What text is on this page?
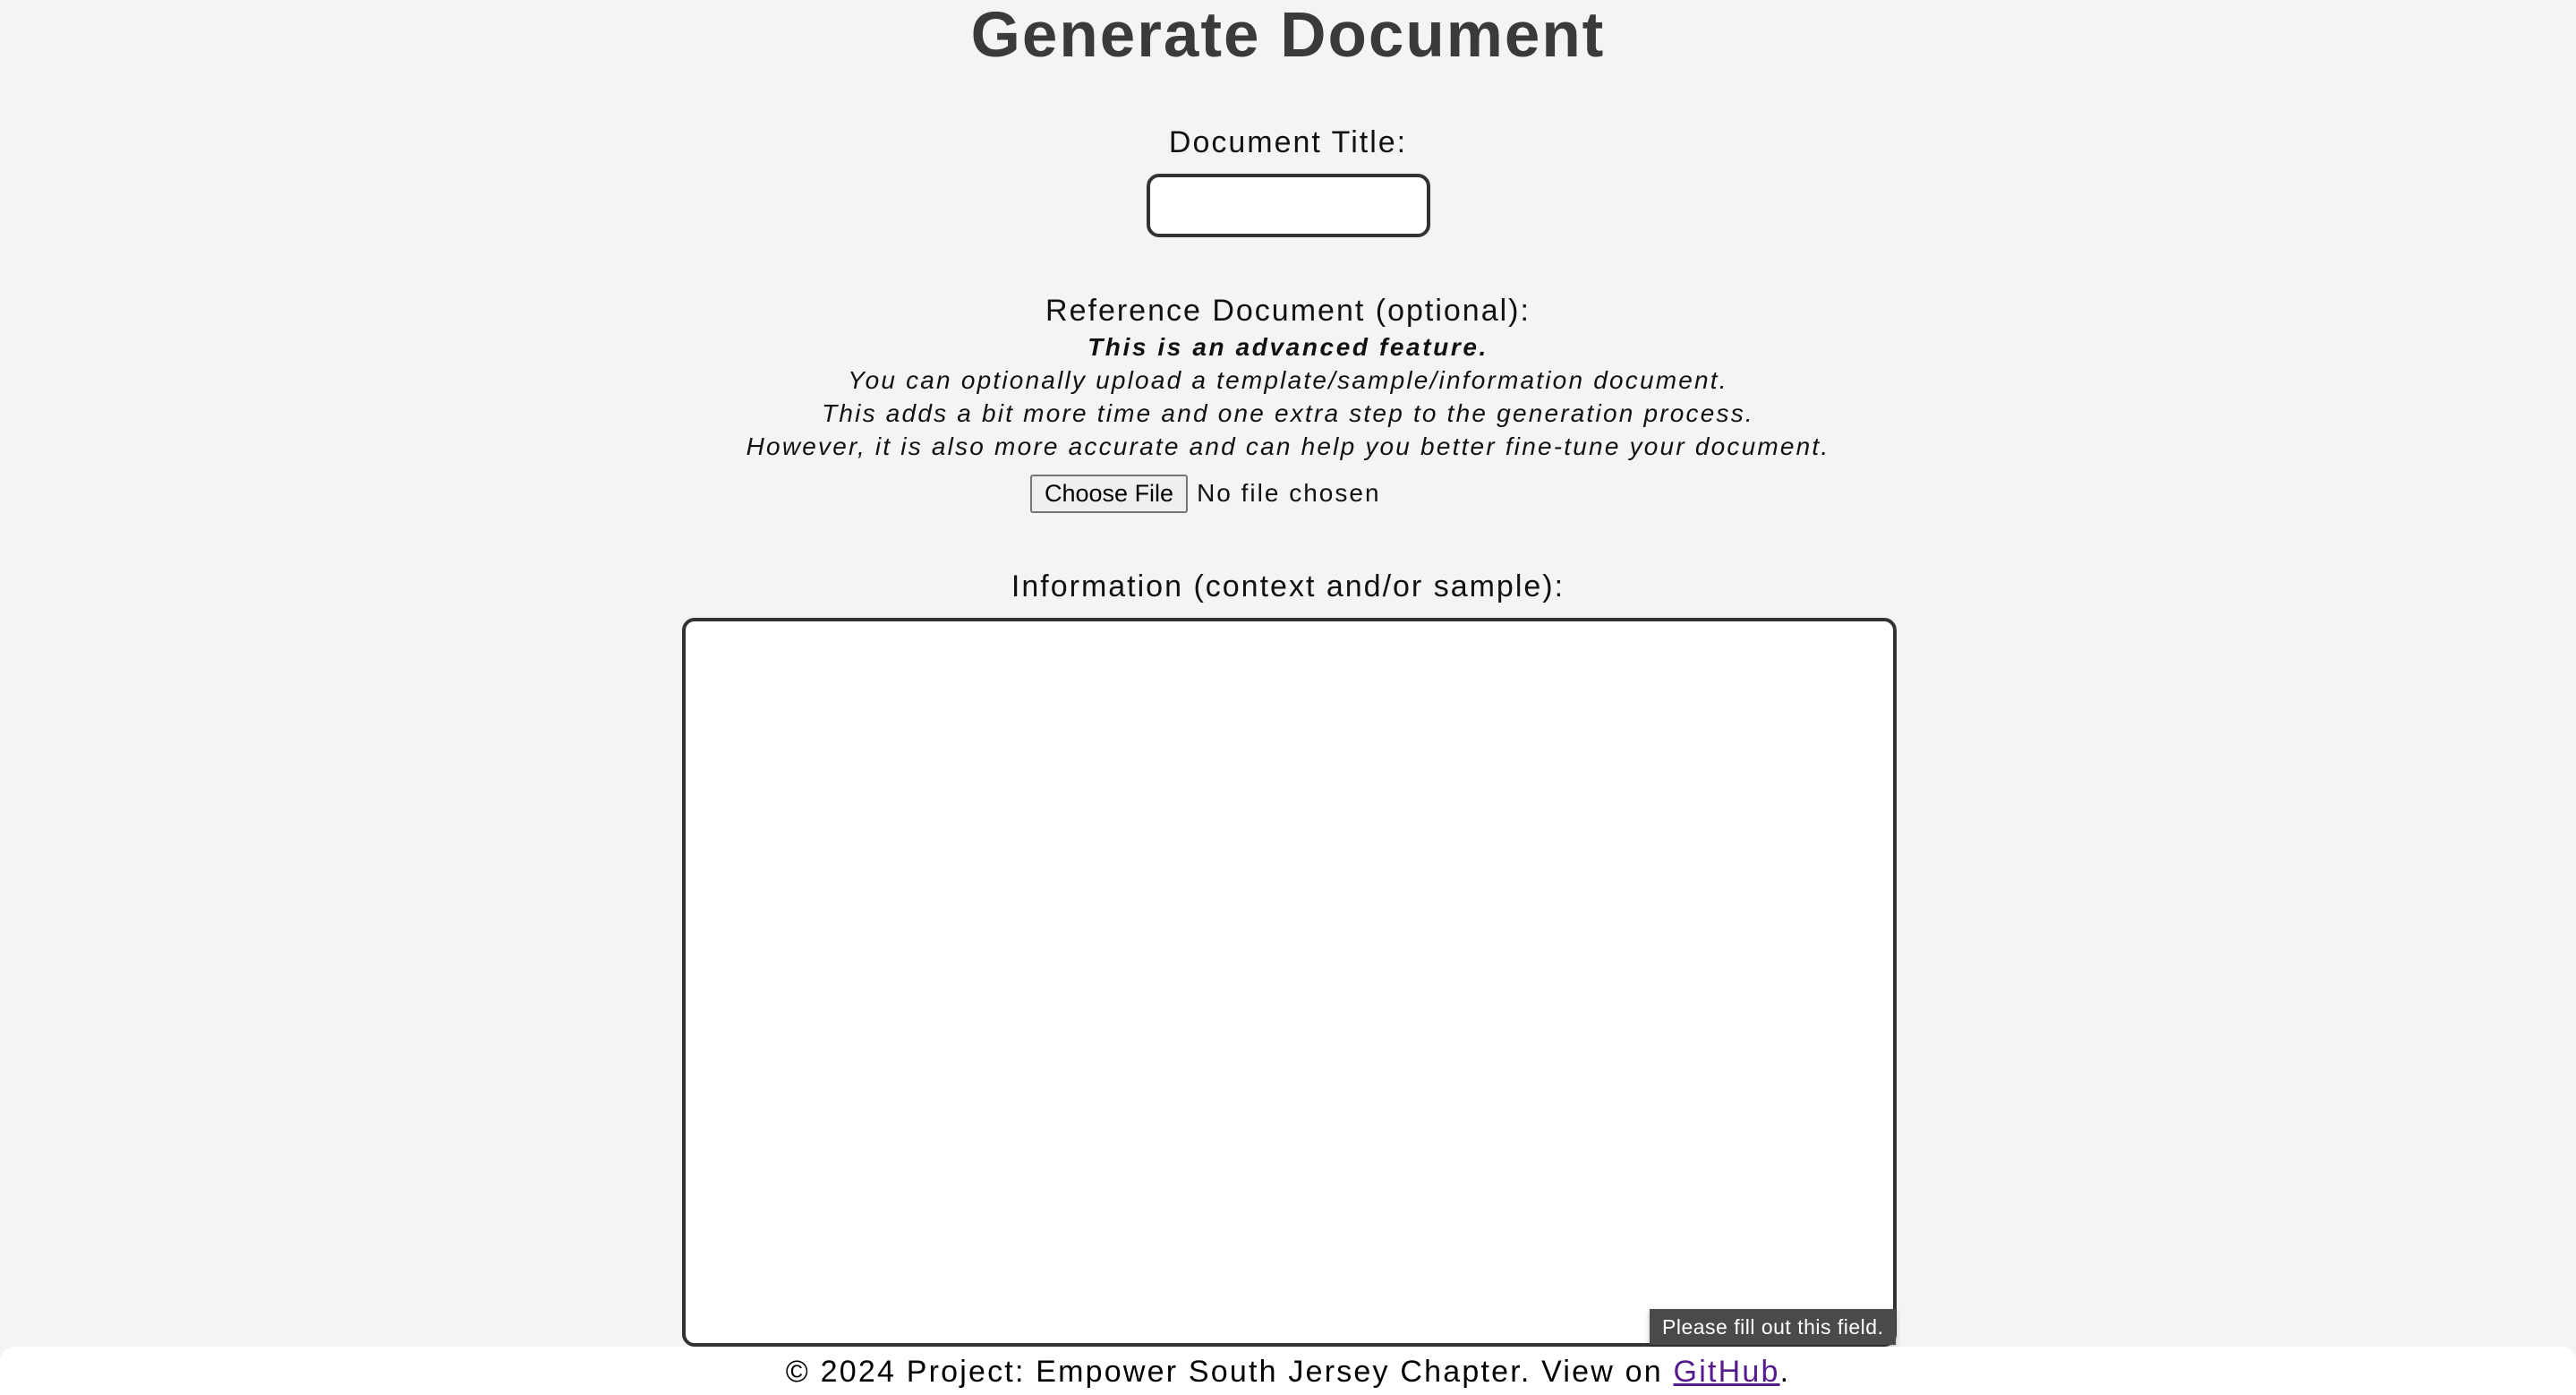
Generate Document
Document Title:
Reference Document (optional):
This is an advanced feature.
You can optionally upload a template/sample/information document.
This adds a bit more time and one extra step to the generation process.
However, it is also more accurate and can help you better fine-tune your document.
Choose File No file chosen
Information (context and/or sample):
Please fill out this field.
© 2024 Project: Empower South Jersey Chapter. View on GitHub.
